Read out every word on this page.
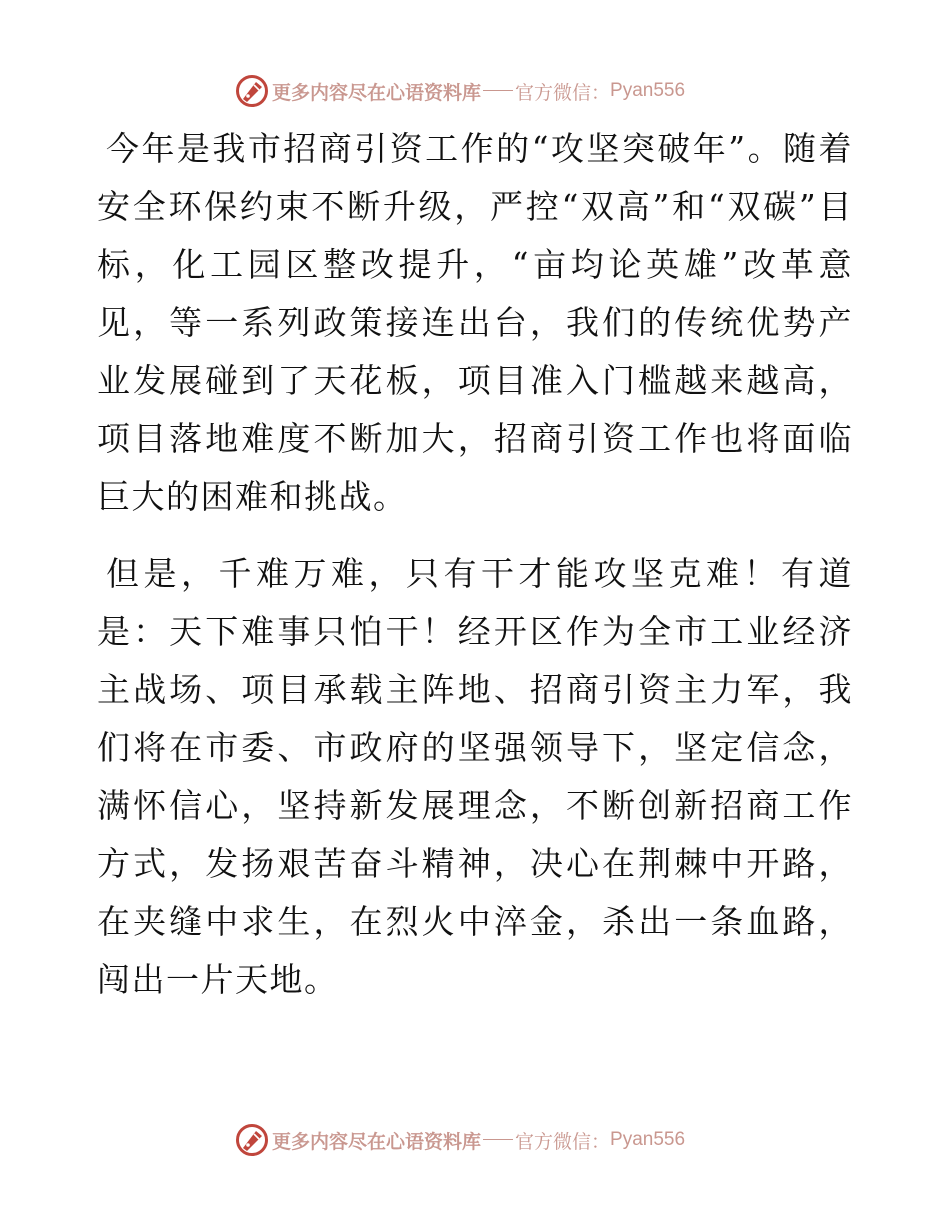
更多内容尽在心语资料库 官方微信： Pyan556

今年是我市招商引资工作的“攻坚突破年”。随着安全环保约束不断升级，严控“双高”和“双碳”目标，化工园区整改提升，“亩均论英雄”改革意见，等一系列政策接连出台，我们的传统优势产业发展碰到了天花板，项目准入门槛越来越高，项目落地难度不断加大，招商引资工作也将面临巨大的困难和挑战。

但是，千难万难，只有干才能攻坚克难！有道是：天下难事只怕干！经开区作为全市工业经济主战场、项目承载主阵地、招商引资主力军，我们将在市委、市政府的坚强领导下，坚定信念，满怀信心，坚持新发展理念，不断创新招商工作方式，发扬艰苦奋斗精神，决心在荆棘中开路，在夹缝中求生，在烈火中淬金，杀出一条血路，闯出一片天地。

更多内容尽在心语资料库 官方微信： Pyan556
